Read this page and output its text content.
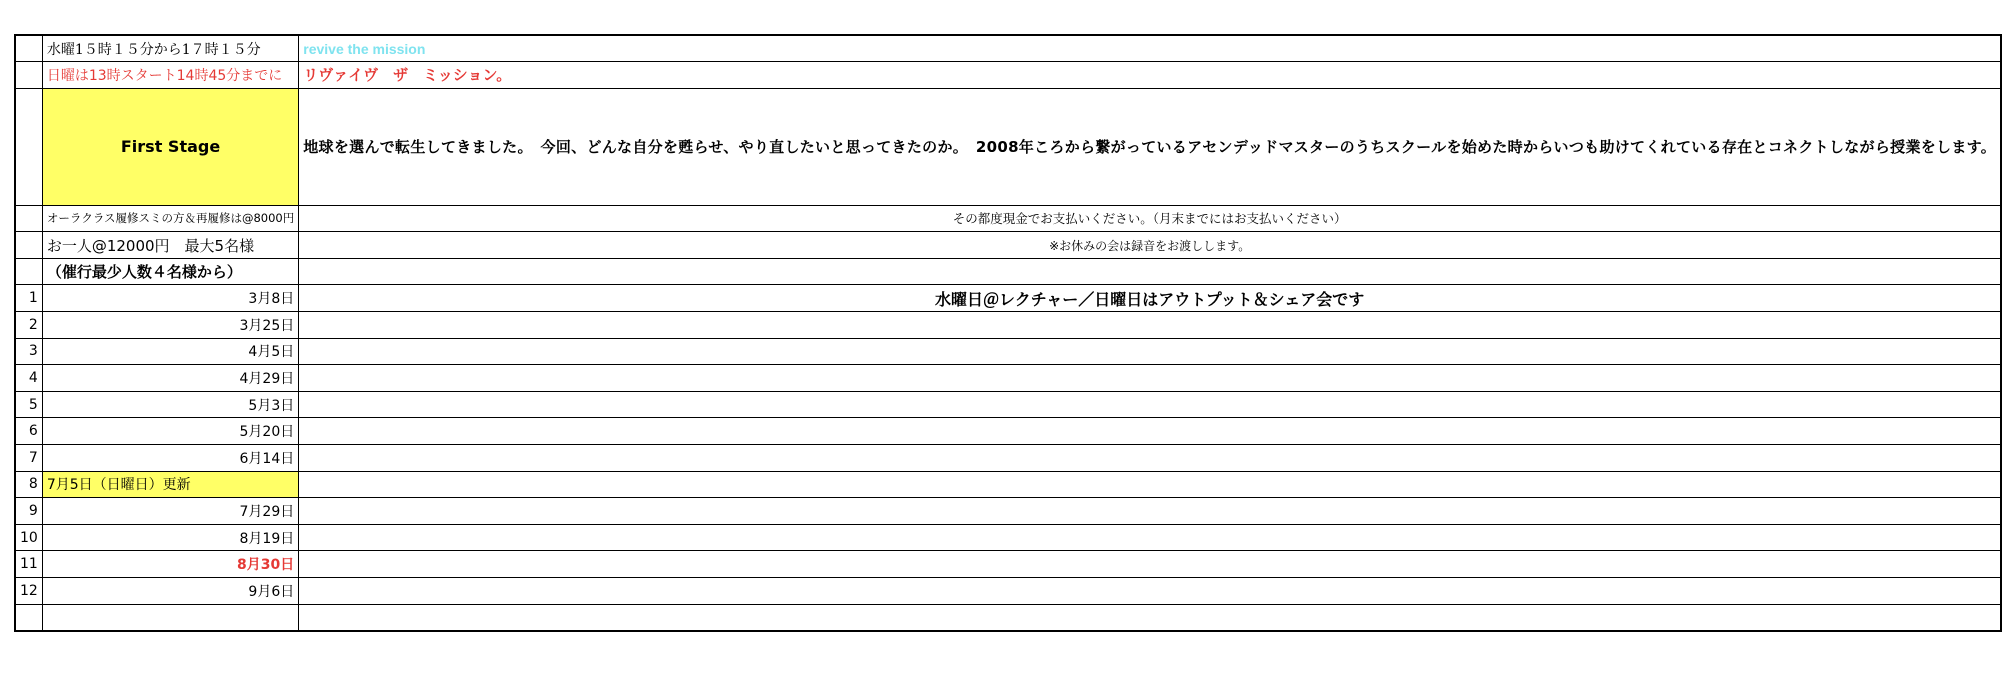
	水曜1５時１５分から1７時１５分	revive the mission
	日曜は13時スタート14時45分までに	リヴァイヴ　ザ　ミッション。
	First Stage	地球を選んで転生してきました。　今回、どんな自分を甦らせ、やり直したいと思ってきたのか。　2008年ころから繋がっているアセンデッドマスターのうちスクールを始めた時からいつも助けてくれている存在とコネクトしながら授業をします。
	オーラクラス履修スミの方＆再履修は@8000円	その都度現金でお支払いください。（月末までにはお支払いください）
	お一人@12000円　最大5名様	※お休みの会は録音をお渡しします。
	（催行最少人数４名様から）	
1	3月8日	水曜日＠レクチャー／日曜日はアウトプット＆シェア会です
2	3月25日	
3	4月5日	
4	4月29日	
5	5月3日	
6	5月20日	
7	6月14日	
8	7月5日（日曜日）更新	
9	7月29日	
10	8月19日	
11	8月30日	
12	9月6日	
